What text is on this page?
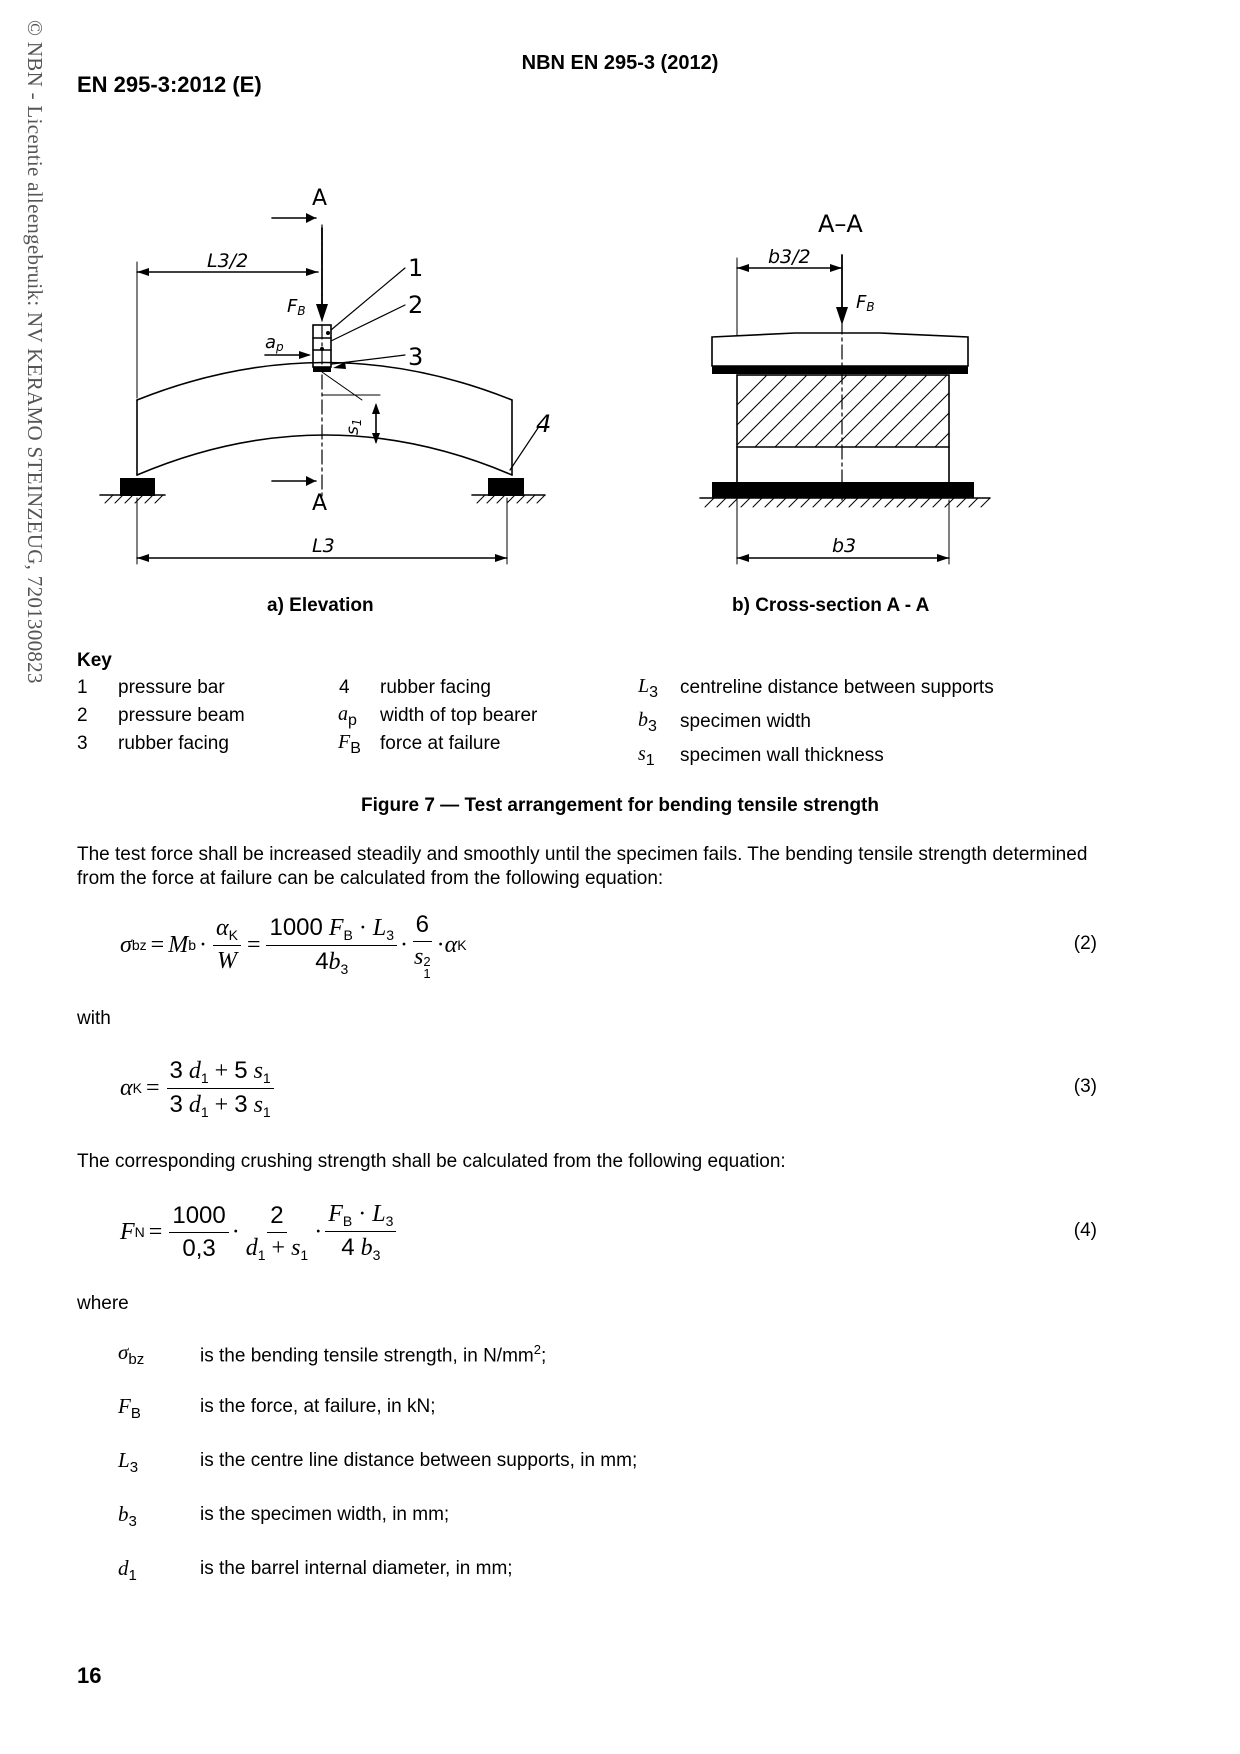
© NBN - Licentie alleengebruik: NV KERAMO STEINZEUG, 7201300823	NBN EN 295-3 (2012)
EN 295-3:2012 (E)
A
A
L3/2
L3
FB
ap
s1
1
2
3
4
A–A
b3/2
FB
b3
a) Elevation	b) Cross-section A - A
Key
1 pressure bar
2 pressure beam
3 rubber facing
4 rubber facing
$a_p$ width of top bearer
$F_B$ force at failure
$L_3$ centreline distance between supports
$b_3$ specimen width
$s_1$ specimen wall thickness
Figure 7 — Test arrangement for bending tensile strength
The test force shall be increased steadily and smoothly until the specimen fails. The bending tensile strength determined from the force at failure can be calculated from the following equation:
σ bz = M $b \cdot \frac{\alpha_K}{W} = \frac{1000 F_B \cdot L_3}{4b_3} \cdot 6$
s 2
1 · α K	(2)
with
α $K = \frac{3 d_1 + 5 s_1}{3 d_1 + 3 s_1}$	(3)
The corresponding crushing strength shall be calculated from the following equation:
F $N = \frac{1000}{0,3} \cdot \frac{2}{d_1 + s_1} \cdot \frac{F_B \cdot L_3}{4 b_3}$	(4)
where
$\sigma_{bz}$	is the bending tensile strength, in $N/mm^2$;
$F_B$	is the force, at failure, in kN;
$L_3$	is the centre line distance between supports, in mm;
$b_3$	is the specimen width, in mm;
$d_1$	is the barrel internal diameter, in mm;
16
